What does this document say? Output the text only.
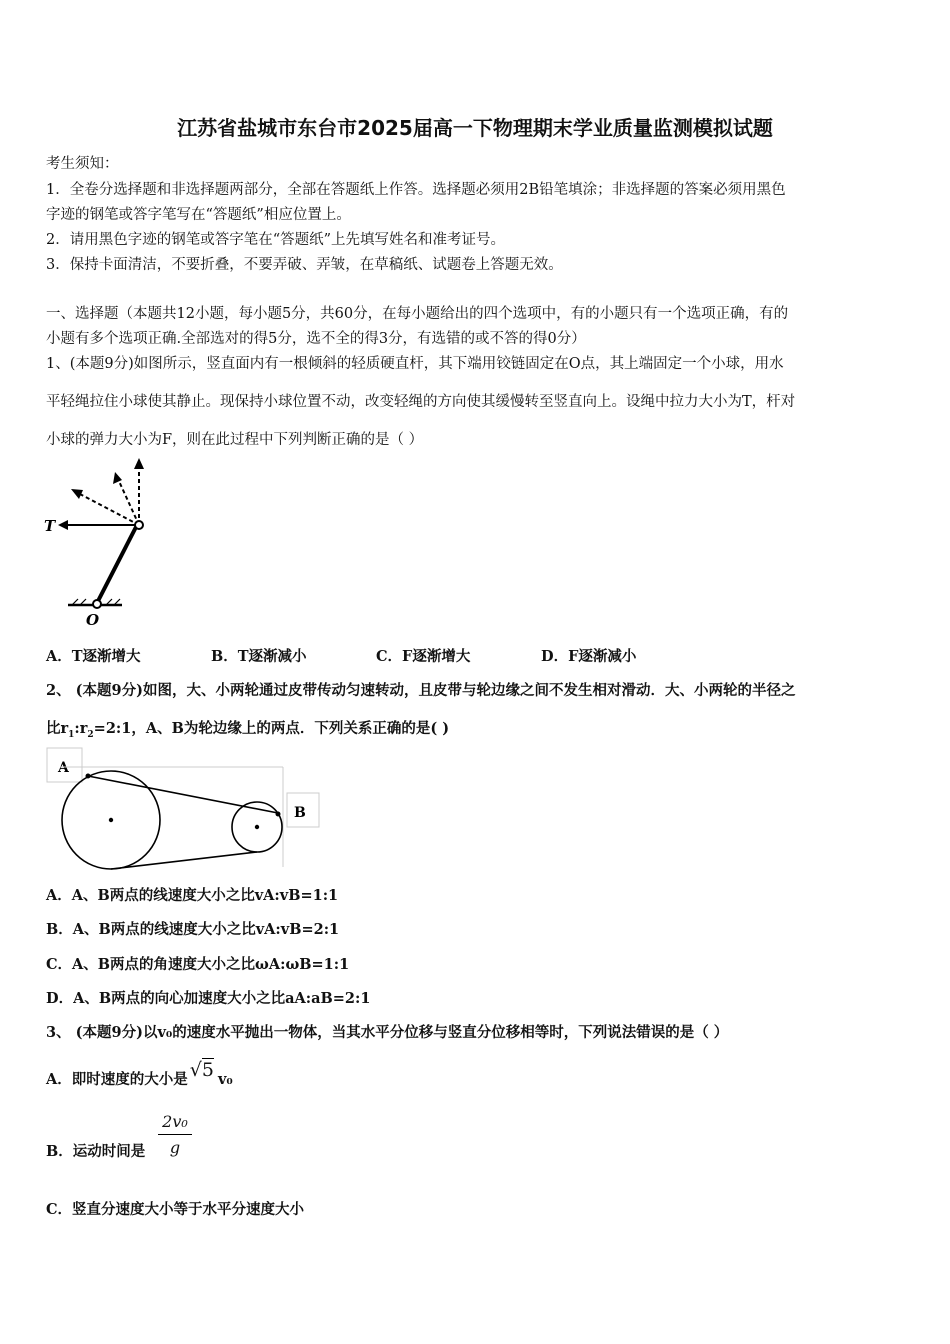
江苏省盐城市东台市2025届高一下物理期末学业质量监测模拟试题
考生须知：
1．全卷分选择题和非选择题两部分，全部在答题纸上作答。选择题必须用2B铅笔填涂；非选择题的答案必须用黑色
字迹的钢笔或答字笔写在“答题纸”相应位置上。
2．请用黑色字迹的钢笔或答字笔在“答题纸”上先填写姓名和准考证号。
3．保持卡面清洁，不要折叠，不要弄破、弄皱，在草稿纸、试题卷上答题无效。
一、选择题（本题共12小题，每小题5分，共60分，在每小题给出的四个选项中，有的小题只有一个选项正确，有的
小题有多个选项正确.全部选对的得5分，选不全的得3分，有选错的或不答的得0分）
1、(本题9分)如图所示，竖直面内有一根倾斜的轻质硬直杆，其下端用铰链固定在O点，其上端固定一个小球，用水
平轻绳拉住小球使其静止。现保持小球位置不动，改变轻绳的方向使其缓慢转至竖直向上。设绳中拉力大小为T，杆对
小球的弹力大小为F，则在此过程中下列判断正确的是（ ）
T
O
A．T逐渐增大	B．T逐渐减小	C．F逐渐增大	D．F逐渐减小
2、 (本题9分)如图，大、小两轮通过皮带传动匀速转动，且皮带与轮边缘之间不发生相对滑动．大、小两轮的半径之
比$r_1:r_2=2:1$，A、B为轮边缘上的两点．下列关系正确的是( )
A
B
A．A、B两点的线速度大小之比vA:vB=1:1
B．A、B两点的线速度大小之比vA:vB=2:1
C．A、B两点的角速度大小之比ωA:ωB=1:1
D．A、B两点的向心加速度大小之比aA:aB=2:1
3、 (本题9分)以v₀的速度水平抛出一物体，当其水平分位移与竖直分位移相等时，下列说法错误的是（ ）
A．即时速度的大小是 √5 v₀
B．运动时间是
2v₀
g
C．竖直分速度大小等于水平分速度大小
